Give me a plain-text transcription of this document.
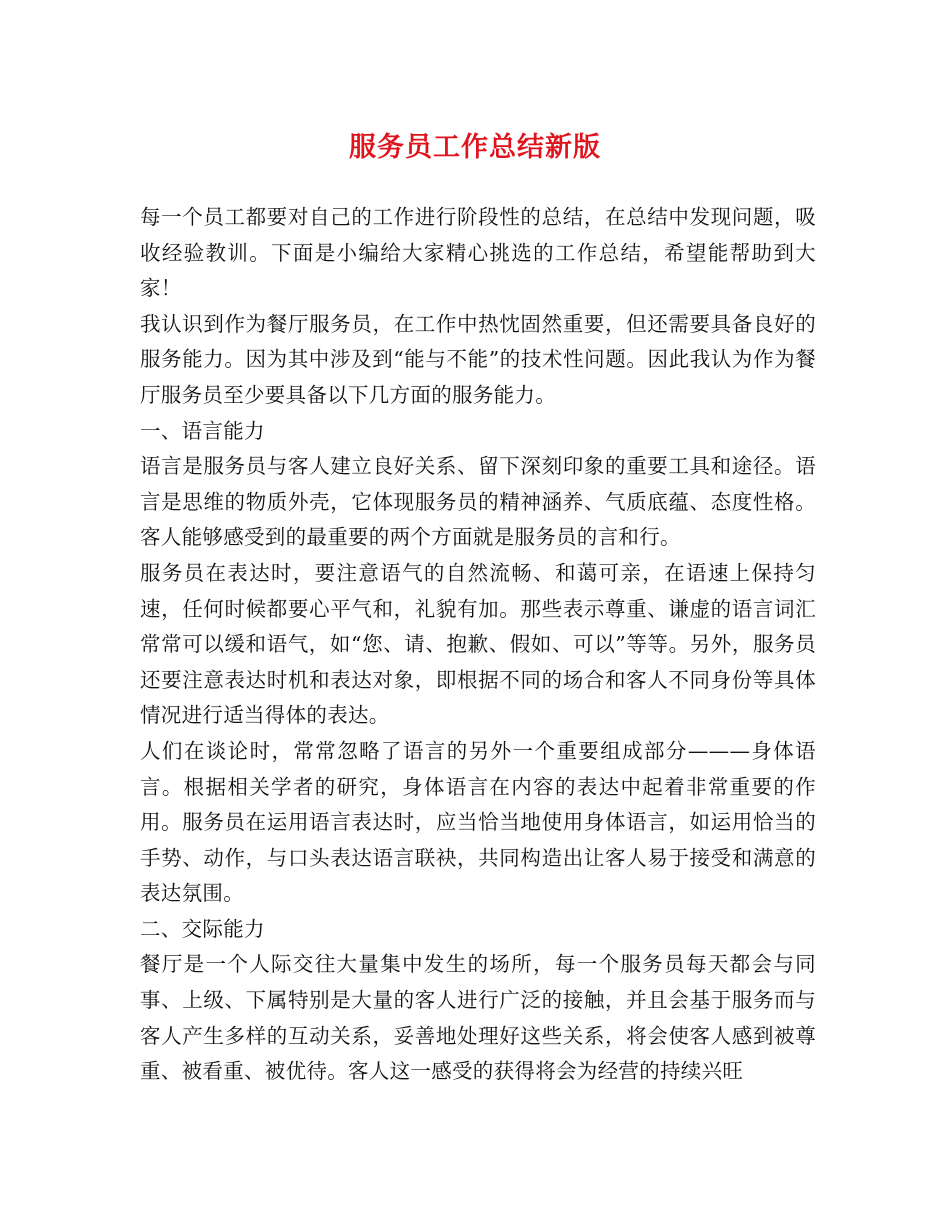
服务员工作总结新版

每一个员工都要对自己的工作进行阶段性的总结，在总结中发现问题，吸收经验教训。下面是小编给大家精心挑选的工作总结，希望能帮助到大家！

我认识到作为餐厅服务员，在工作中热忱固然重要，但还需要具备良好的服务能力。因为其中涉及到“能与不能”的技术性问题。因此我认为作为餐厅服务员至少要具备以下几方面的服务能力。

一、语言能力

语言是服务员与客人建立良好关系、留下深刻印象的重要工具和途径。语言是思维的物质外壳，它体现服务员的精神涵养、气质底蕴、态度性格。客人能够感受到的最重要的两个方面就是服务员的言和行。

服务员在表达时，要注意语气的自然流畅、和蔼可亲，在语速上保持匀速，任何时候都要心平气和，礼貌有加。那些表示尊重、谦虚的语言词汇常常可以缓和语气，如“您、请、抱歉、假如、可以”等等。另外，服务员还要注意表达时机和表达对象，即根据不同的场合和客人不同身份等具体情况进行适当得体的表达。

人们在谈论时，常常忽略了语言的另外一个重要组成部分———身体语言。根据相关学者的研究，身体语言在内容的表达中起着非常重要的作用。服务员在运用语言表达时，应当恰当地使用身体语言，如运用恰当的手势、动作，与口头表达语言联袂，共同构造出让客人易于接受和满意的表达氛围。

二、交际能力

餐厅是一个人际交往大量集中发生的场所，每一个服务员每天都会与同事、上级、下属特别是大量的客人进行广泛的接触，并且会基于服务而与客人产生多样的互动关系，妥善地处理好这些关系，将会使客人感到被尊重、被看重、被优待。客人这一感受的获得将会为经营的持续兴旺
